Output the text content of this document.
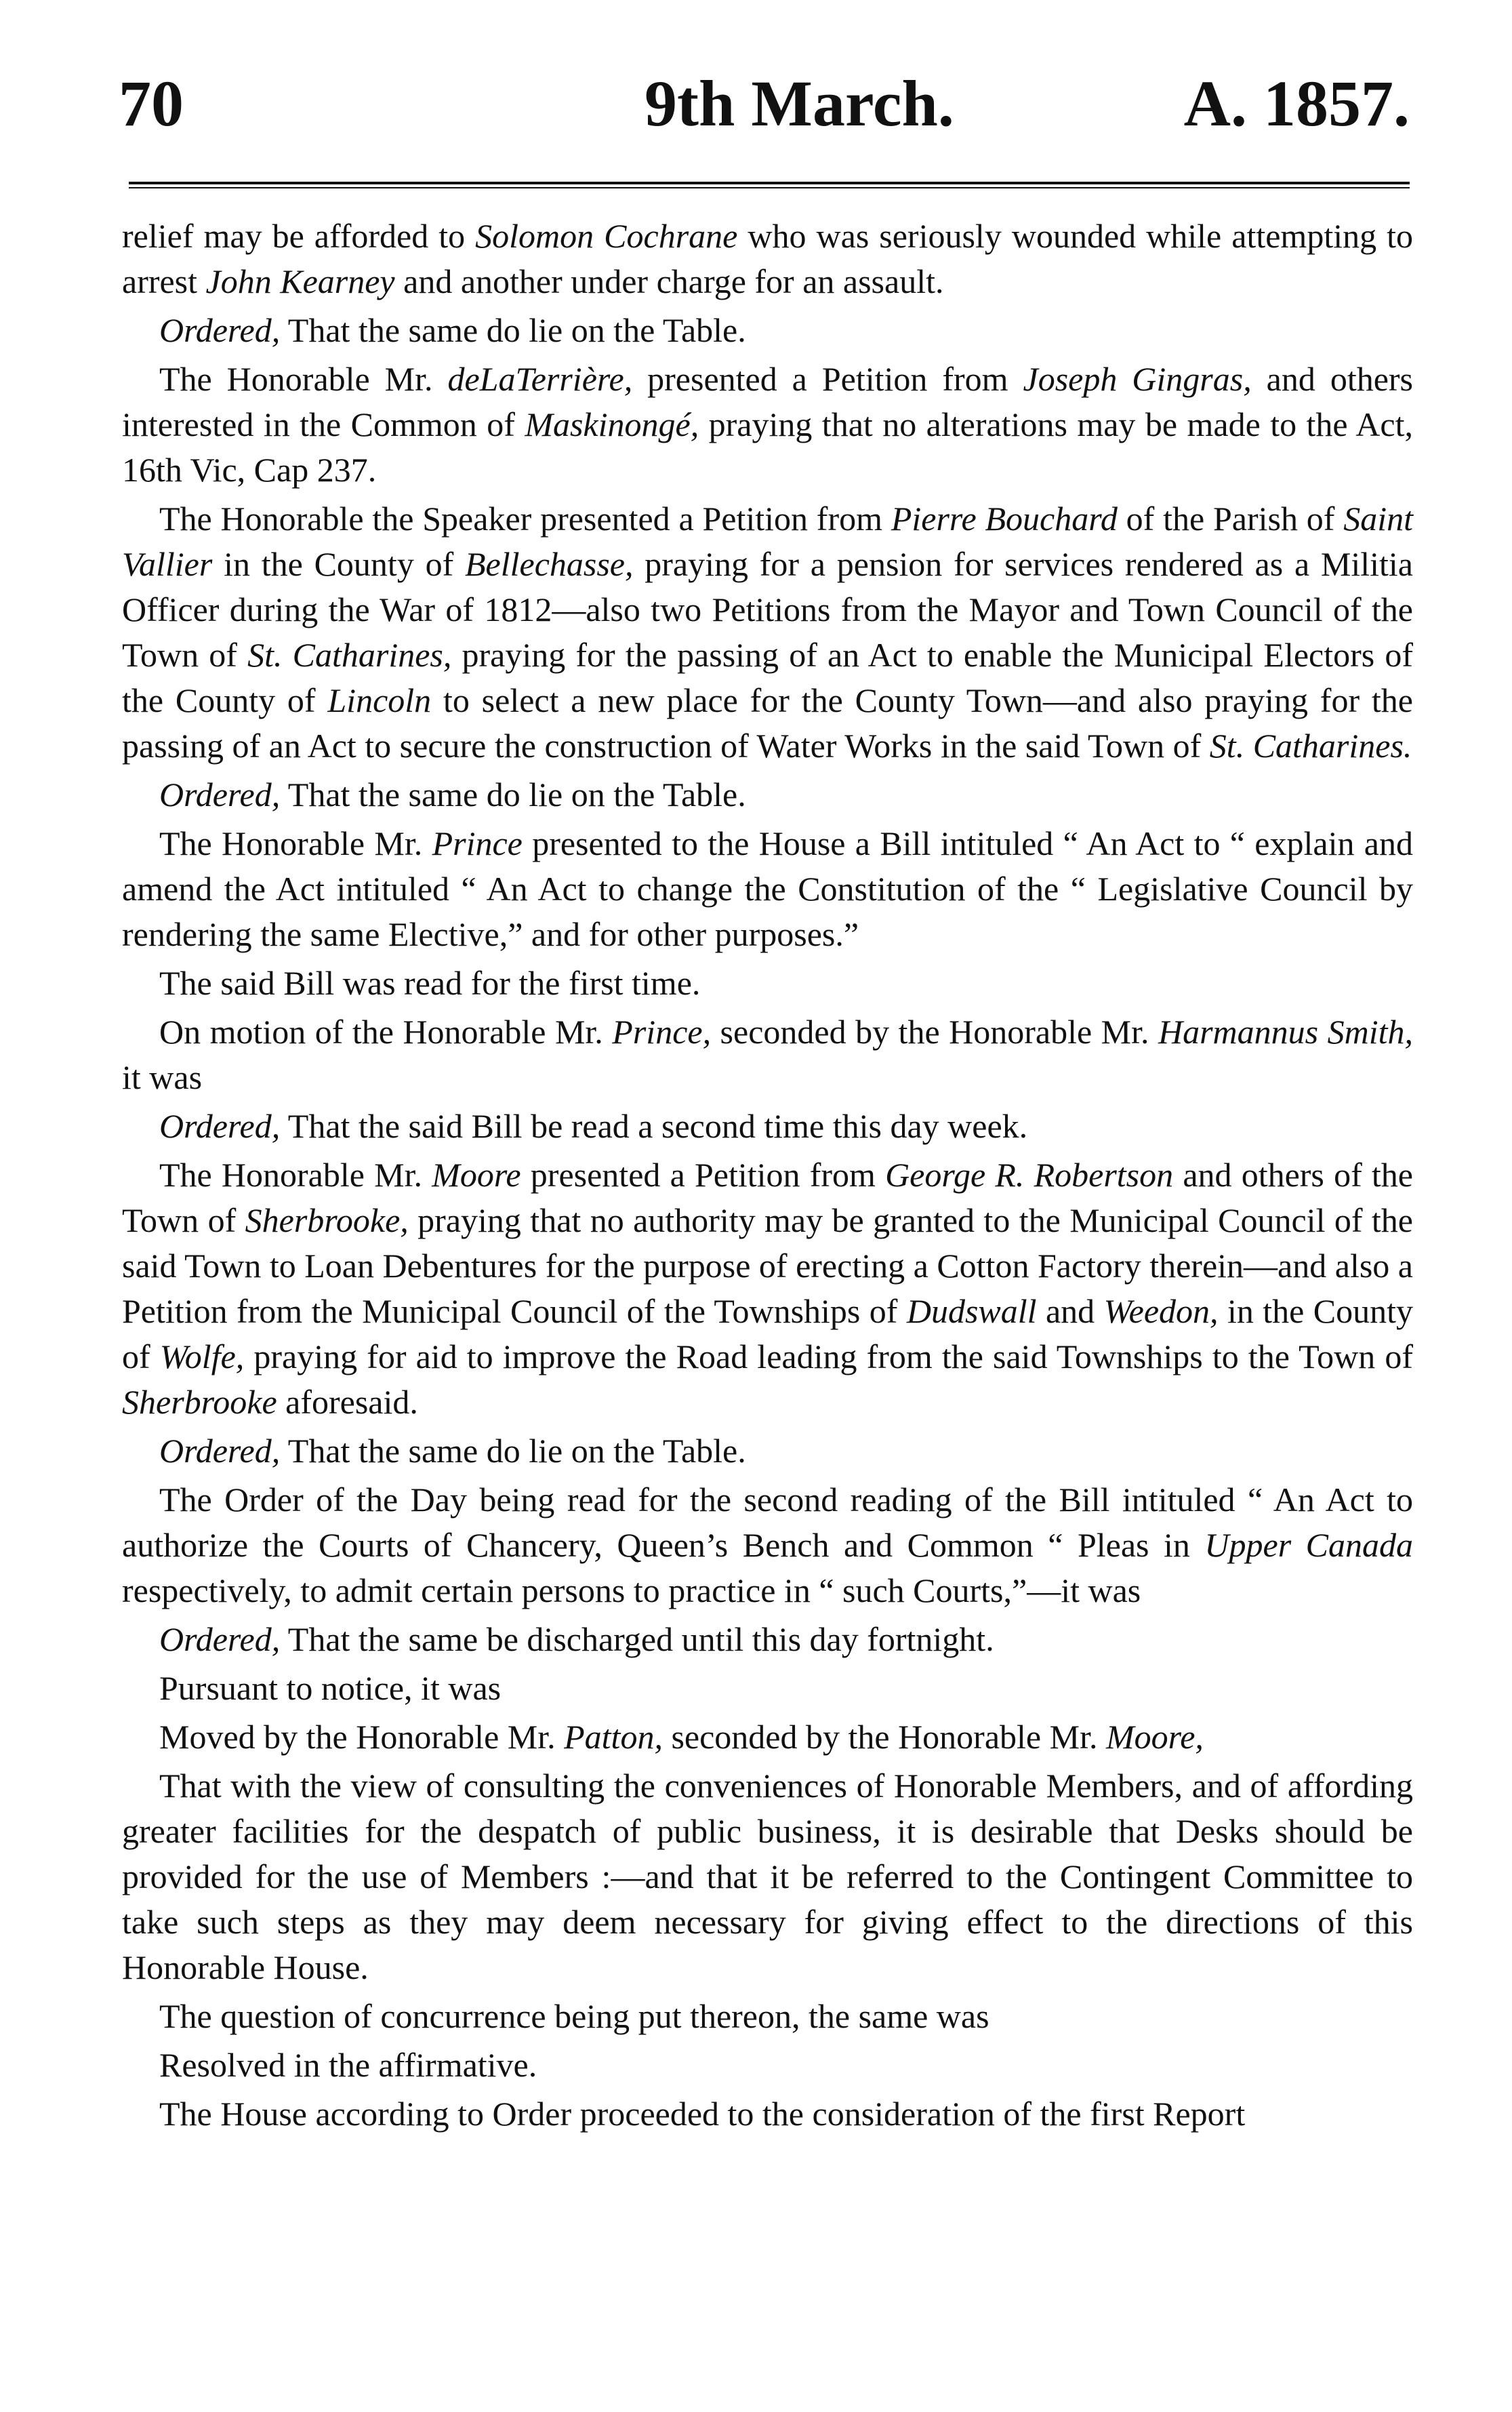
70	9th March.	A. 1857.

relief may be afforded to Solomon Cochrane who was seriously wounded while attempting to arrest John Kearney and another under charge for an assault.

Ordered, That the same do lie on the Table.

The Honorable Mr. deLaTerrière, presented a Petition from Joseph Gingras, and others interested in the Common of Maskinongé, praying that no alterations may be made to the Act, 16th Vic, Cap 237.

The Honorable the Speaker presented a Petition from Pierre Bouchard of the Parish of Saint Vallier in the County of Bellechasse, praying for a pension for services rendered as a Militia Officer during the War of 1812—also two Petitions from the Mayor and Town Council of the Town of St. Catharines, praying for the passing of an Act to enable the Municipal Electors of the County of Lincoln to select a new place for the County Town—and also praying for the passing of an Act to secure the construction of Water Works in the said Town of St. Catharines.

Ordered, That the same do lie on the Table.

The Honorable Mr. Prince presented to the House a Bill intituled “ An Act to “ explain and amend the Act intituled “ An Act to change the Constitution of the “ Legislative Council by rendering the same Elective,” and for other purposes.”

The said Bill was read for the first time.

On motion of the Honorable Mr. Prince, seconded by the Honorable Mr. Harmannus Smith, it was

Ordered, That the said Bill be read a second time this day week.

The Honorable Mr. Moore presented a Petition from George R. Robertson and others of the Town of Sherbrooke, praying that no authority may be granted to the Municipal Council of the said Town to Loan Debentures for the purpose of erecting a Cotton Factory therein—and also a Petition from the Municipal Council of the Townships of Dudswall and Weedon, in the County of Wolfe, praying for aid to improve the Road leading from the said Townships to the Town of Sherbrooke aforesaid.

Ordered, That the same do lie on the Table.

The Order of the Day being read for the second reading of the Bill intituled “ An Act to authorize the Courts of Chancery, Queen’s Bench and Common “ Pleas in Upper Canada respectively, to admit certain persons to practice in “ such Courts,”—it was

Ordered, That the same be discharged until this day fortnight.

Pursuant to notice, it was

Moved by the Honorable Mr. Patton, seconded by the Honorable Mr. Moore,

That with the view of consulting the conveniences of Honorable Members, and of affording greater facilities for the despatch of public business, it is desirable that Desks should be provided for the use of Members :—and that it be referred to the Contingent Committee to take such steps as they may deem necessary for giving effect to the directions of this Honorable House.

The question of concurrence being put thereon, the same was

Resolved in the affirmative.

The House according to Order proceeded to the consideration of the first Report
